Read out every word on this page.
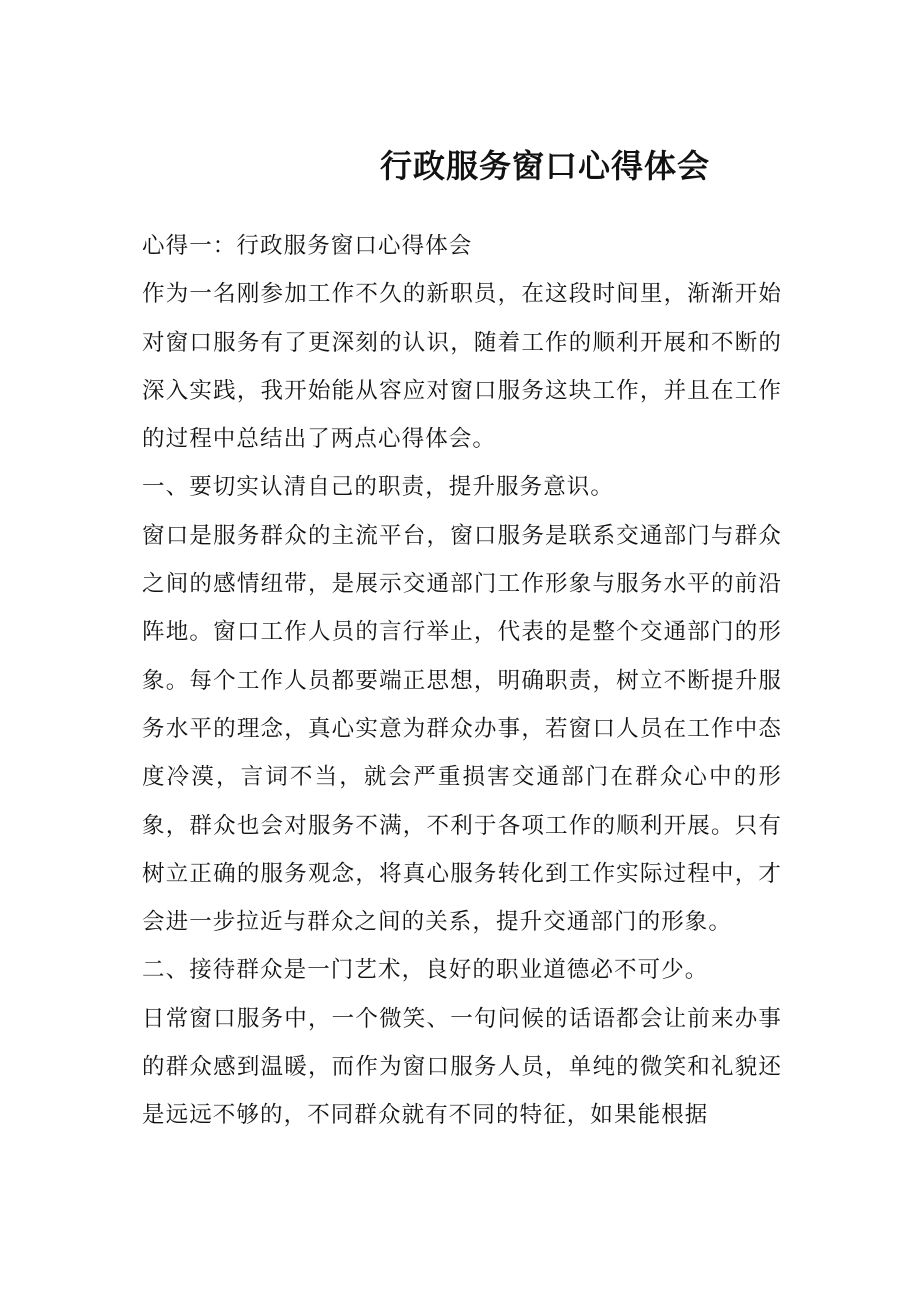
行政服务窗口心得体会

心得一：行政服务窗口心得体会

作为一名刚参加工作不久的新职员，在这段时间里，渐渐开始对窗口服务有了更深刻的认识，随着工作的顺利开展和不断的深入实践，我开始能从容应对窗口服务这块工作，并且在工作的过程中总结出了两点心得体会。

一、要切实认清自己的职责，提升服务意识。

窗口是服务群众的主流平台，窗口服务是联系交通部门与群众之间的感情纽带，是展示交通部门工作形象与服务水平的前沿阵地。窗口工作人员的言行举止，代表的是整个交通部门的形象。每个工作人员都要端正思想，明确职责，树立不断提升服务水平的理念，真心实意为群众办事，若窗口人员在工作中态度冷漠，言词不当，就会严重损害交通部门在群众心中的形象，群众也会对服务不满，不利于各项工作的顺利开展。只有树立正确的服务观念，将真心服务转化到工作实际过程中，才会进一步拉近与群众之间的关系，提升交通部门的形象。

二、接待群众是一门艺术，良好的职业道德必不可少。

日常窗口服务中，一个微笑、一句问候的话语都会让前来办事的群众感到温暖，而作为窗口服务人员，单纯的微笑和礼貌还是远远不够的，不同群众就有不同的特征，如果能根据
